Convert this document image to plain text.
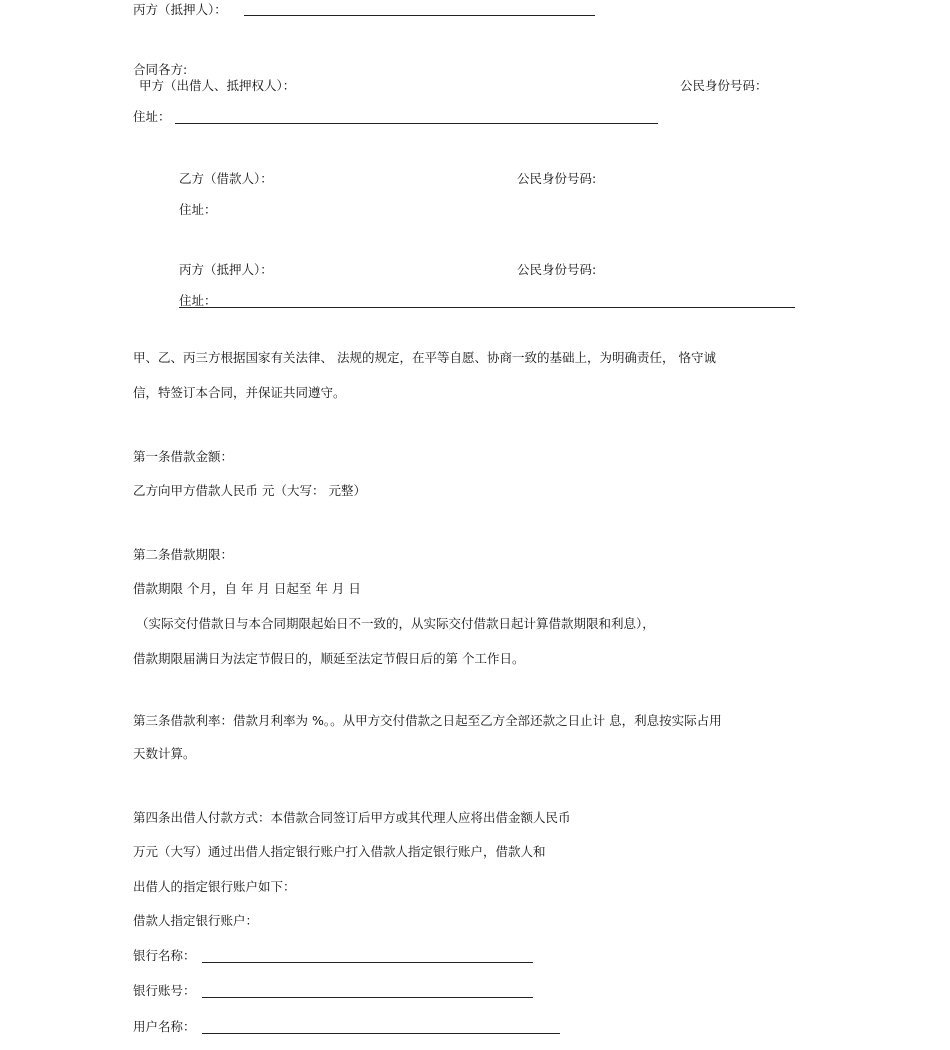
丙方（抵押人）：
合同各方:
甲方（出借人、抵押权人）：	公民身份号码：
住址：
乙方（借款人）：	公民身份号码:
住址：
丙方（抵押人）：	公民身份号码:
住址：
甲、乙、丙三方根据国家有关法律、 法规的规定，在平等自愿、协商一致的基础上，为明确责任， 恪守诚
信，特签订本合同，并保证共同遵守。
第一条借款金额：
乙方向甲方借款人民币 元（大写： 元整）
第二条借款期限：
借款期限 个月，自 年 月 日起至 年 月 日
（实际交付借款日与本合同期限起始日不一致的，从实际交付借款日起计算借款期限和利息），
借款期限届满日为法定节假日的，顺延至法定节假日后的第 个工作日。
第三条借款利率：借款月利率为 %。。从甲方交付借款之日起至乙方全部还款之日止计 息，利息按实际占用
天数计算。
第四条出借人付款方式：本借款合同签订后甲方或其代理人应将出借金额人民币
万元（大写）通过出借人指定银行账户打入借款人指定银行账户，借款人和
出借人的指定银行账户如下：
借款人指定银行账户：
银行名称：
银行账号：
用户名称：
